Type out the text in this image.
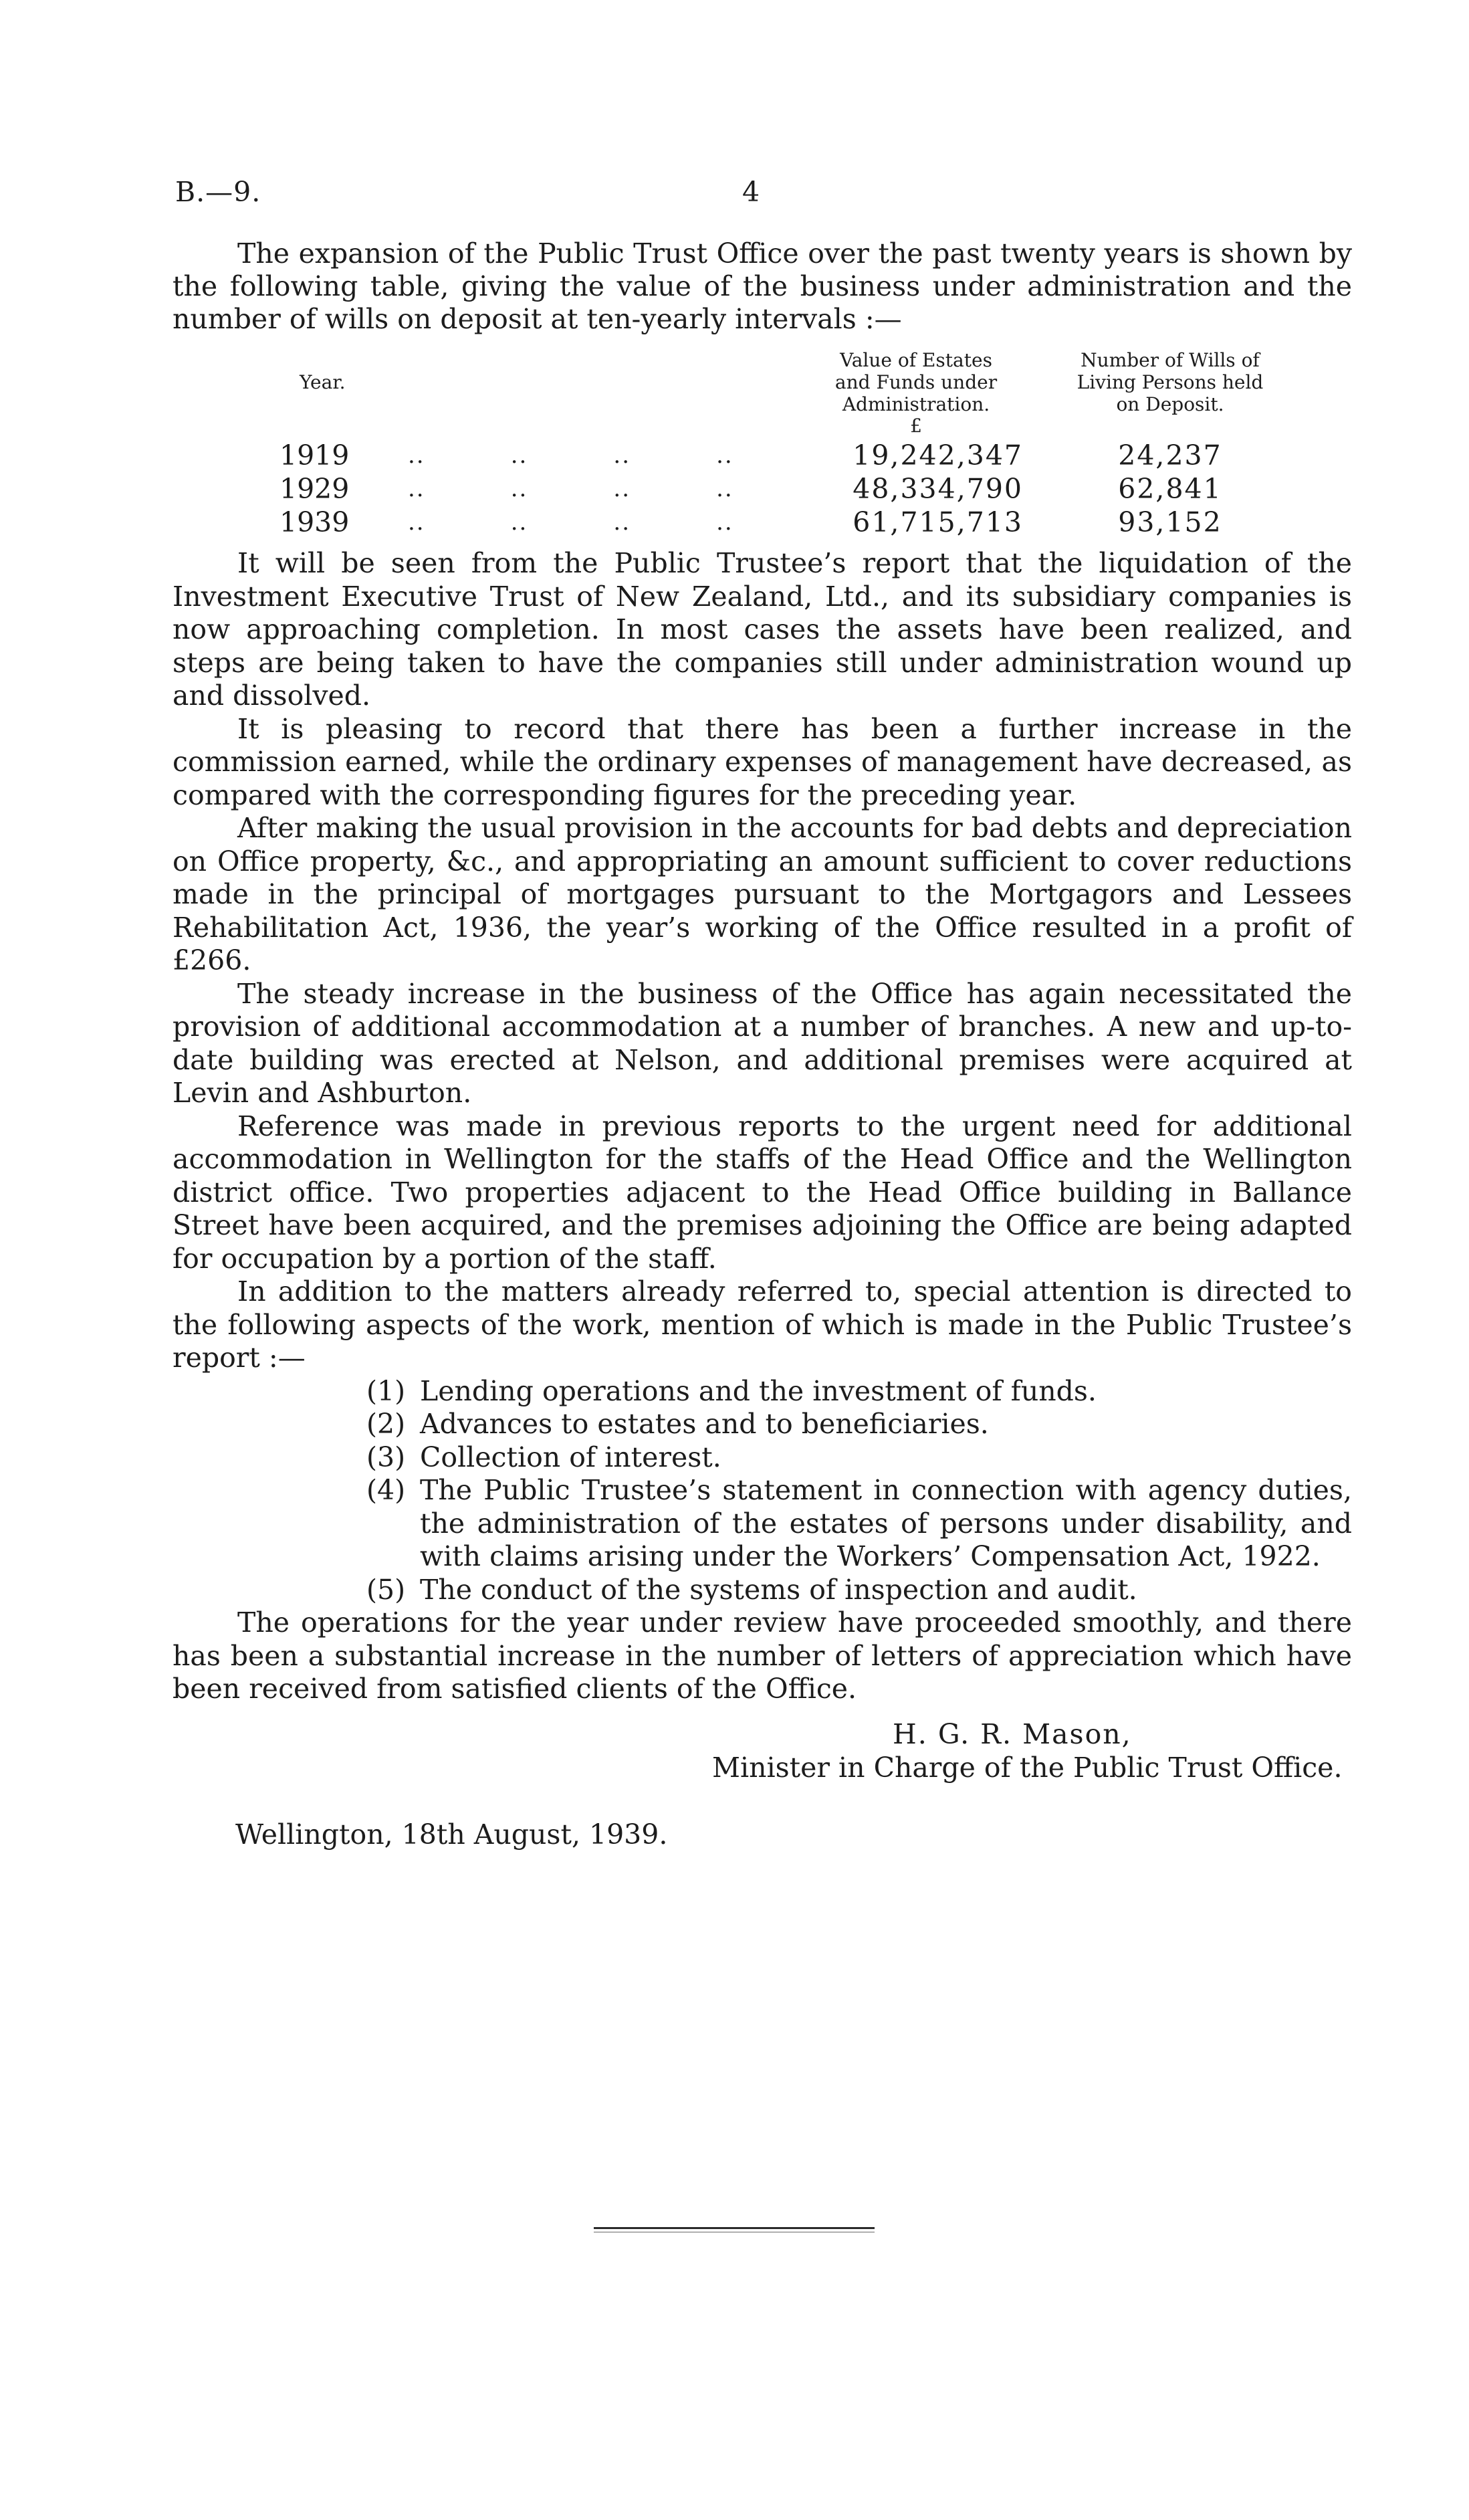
B.—9.	4

The expansion of the Public Trust Office over the past twenty years is shown by the following table, giving the value of the business under administration and the number of wills on deposit at ten-yearly intervals :—

Year.
Value of Estates
and Funds under
Administration.
£
Number of Wills of
Living Persons held
on Deposit.
1919	..          ..          ..          ..	19,242,347	24,237
1929	..          ..          ..          ..	48,334,790	62,841
1939	..          ..          ..          ..	61,715,713	93,152

It will be seen from the Public Trustee’s report that the liquidation of the Investment Executive Trust of New Zealand, Ltd., and its subsidiary companies is now approaching completion. In most cases the assets have been realized, and steps are being taken to have the companies still under administration wound up and dissolved.

It is pleasing to record that there has been a further increase in the commission earned, while the ordinary expenses of management have decreased, as compared with the corresponding figures for the preceding year.

After making the usual provision in the accounts for bad debts and depreciation on Office property, &c., and appropriating an amount sufficient to cover reductions made in the principal of mortgages pursuant to the Mortgagors and Lessees Rehabilitation Act, 1936, the year’s working of the Office resulted in a profit of £266.

The steady increase in the business of the Office has again necessitated the provision of additional accommodation at a number of branches. A new and up-to-date building was erected at Nelson, and additional premises were acquired at Levin and Ashburton.

Reference was made in previous reports to the urgent need for additional accommodation in Wellington for the staffs of the Head Office and the Wellington district office. Two properties adjacent to the Head Office building in Ballance Street have been acquired, and the premises adjoining the Office are being adapted for occupation by a portion of the staff.

In addition to the matters already referred to, special attention is directed to the following aspects of the work, mention of which is made in the Public Trustee’s report :—

(1) Lending operations and the investment of funds.
(2) Advances to estates and to beneficiaries.
(3) Collection of interest.
(4) The Public Trustee’s statement in connection with agency duties, the administration of the estates of persons under disability, and with claims arising under the Workers’ Compensation Act, 1922.
(5) The conduct of the systems of inspection and audit.

The operations for the year under review have proceeded smoothly, and there has been a substantial increase in the number of letters of appreciation which have been received from satisfied clients of the Office.

H. G. R. Mason,
Minister in Charge of the Public Trust Office.
Wellington, 18th August, 1939.
